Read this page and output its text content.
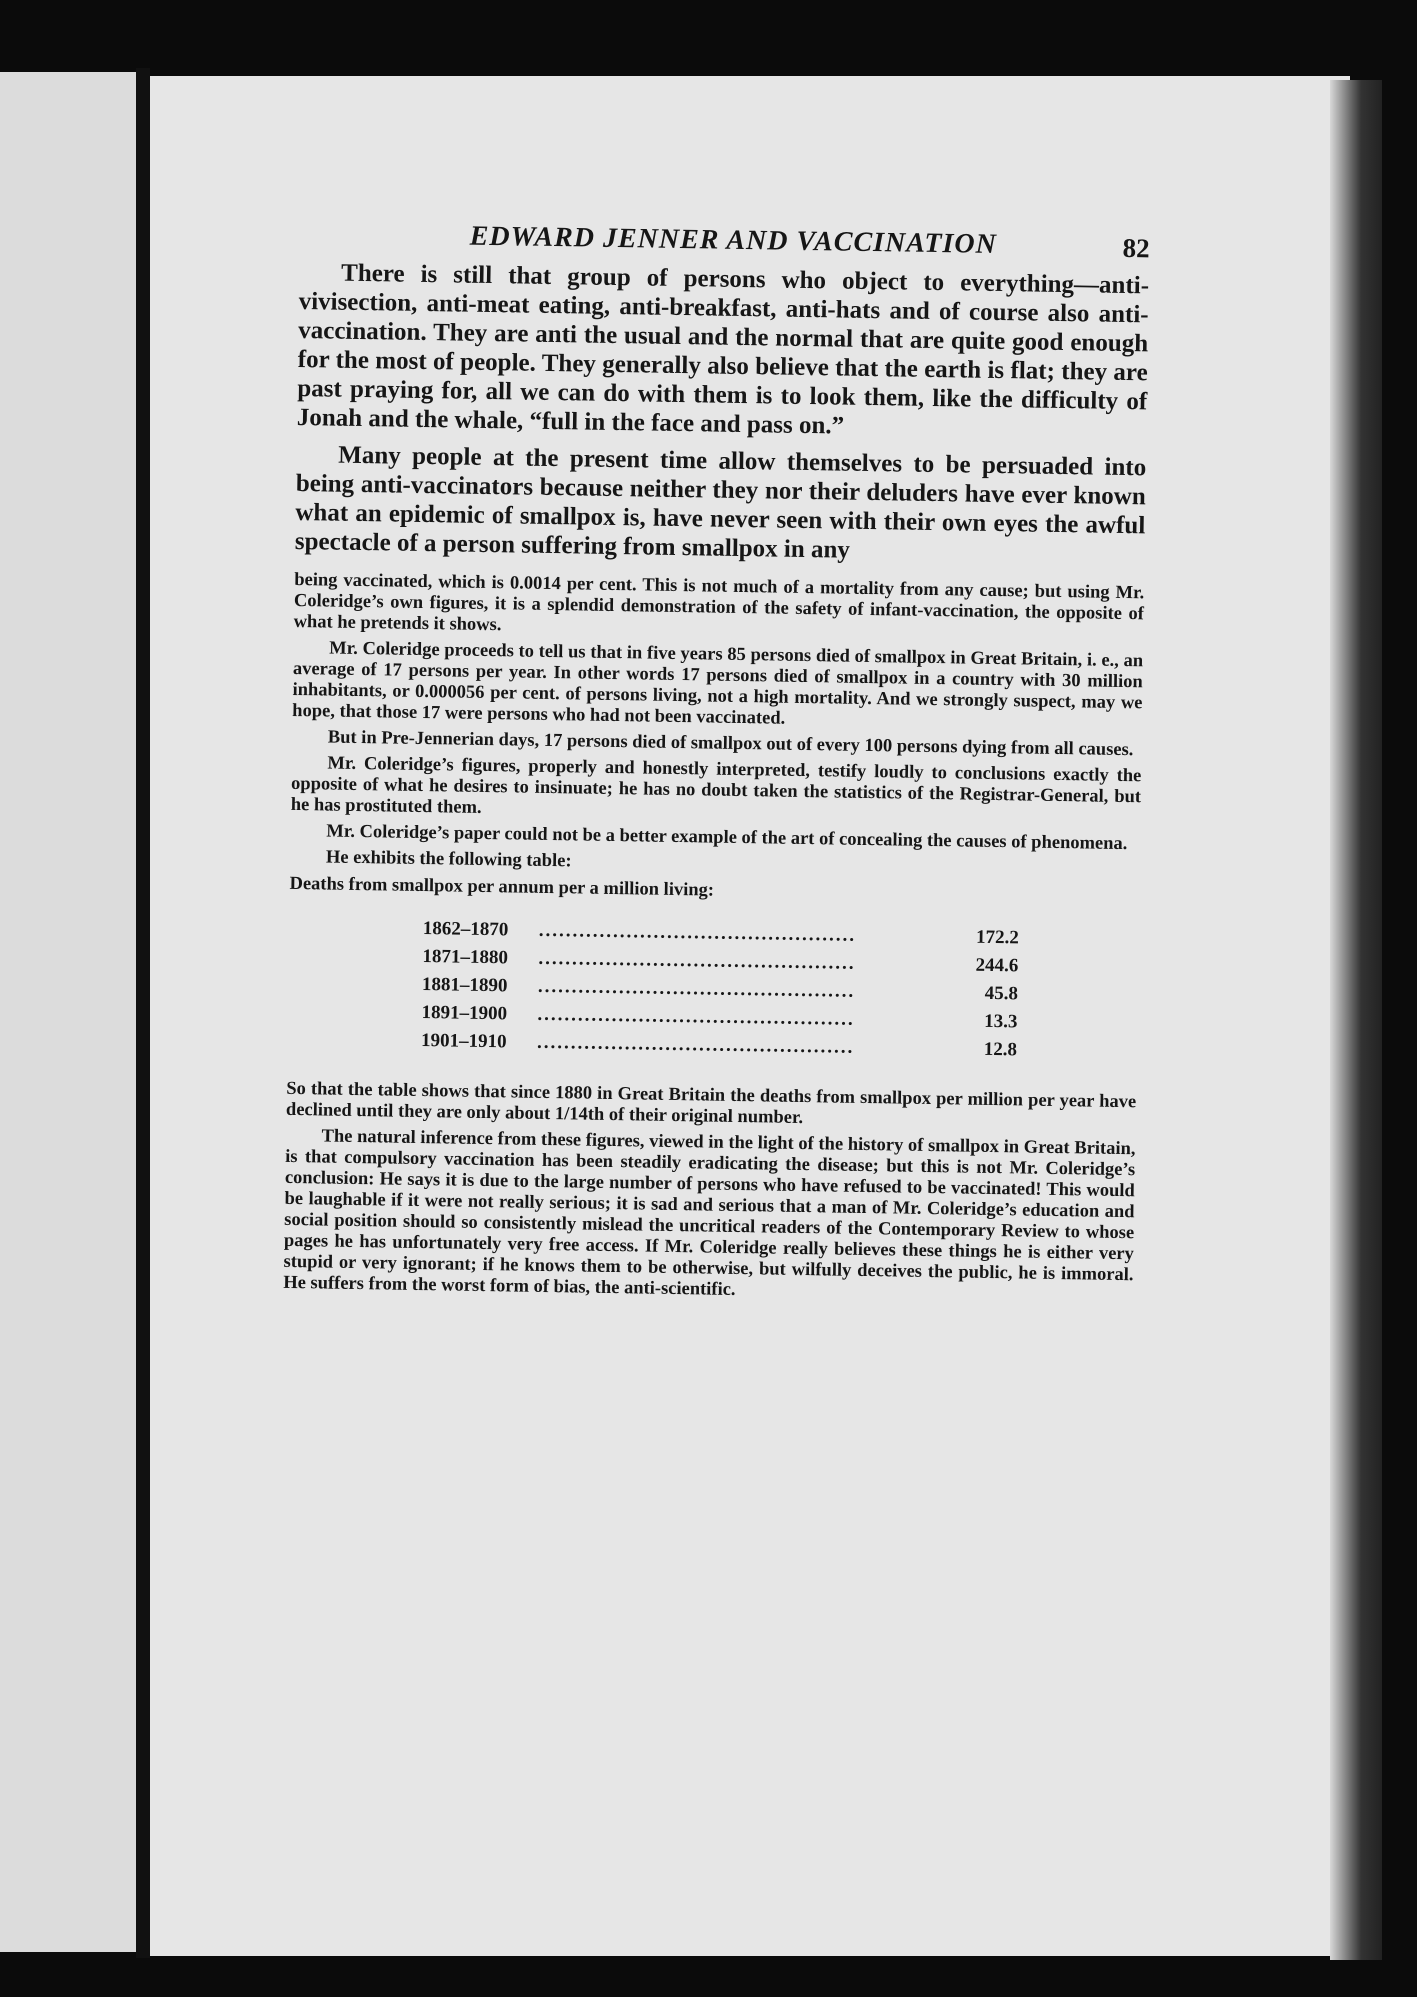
EDWARD JENNER AND VACCINATION	82

There is still that group of persons who object to everything—anti-vivisection, anti-meat eating, anti-breakfast, anti-hats and of course also anti-vaccination. They are anti the usual and the normal that are quite good enough for the most of people. They generally also believe that the earth is flat; they are past praying for, all we can do with them is to look them, like the difficulty of Jonah and the whale, “full in the face and pass on.”

Many people at the present time allow themselves to be persuaded into being anti-vaccinators because neither they nor their deluders have ever known what an epidemic of smallpox is, have never seen with their own eyes the awful spectacle of a person suffering from smallpox in any

being vaccinated, which is 0.0014 per cent. This is not much of a mortality from any cause; but using Mr. Coleridge’s own figures, it is a splendid demonstration of the safety of infant-vaccination, the opposite of what he pretends it shows.

Mr. Coleridge proceeds to tell us that in five years 85 persons died of smallpox in Great Britain, i. e., an average of 17 persons per year. In other words 17 persons died of smallpox in a country with 30 million inhabitants, or 0.000056 per cent. of persons living, not a high mortality. And we strongly suspect, may we hope, that those 17 were persons who had not been vaccinated.

But in Pre-Jennerian days, 17 persons died of smallpox out of every 100 persons dying from all causes.

Mr. Coleridge’s figures, properly and honestly interpreted, testify loudly to conclusions exactly the opposite of what he desires to insinuate; he has no doubt taken the statistics of the Registrar-General, but he has prostituted them.

Mr. Coleridge’s paper could not be a better example of the art of concealing the causes of phenomena.

He exhibits the following table:

Deaths from smallpox per annum per a million living:
1862–1870	...............................................	172.2
1871–1880	...............................................	244.6
1881–1890	...............................................	45.8
1891–1900	...............................................	13.3
1901–1910	...............................................	12.8

So that the table shows that since 1880 in Great Britain the deaths from smallpox per million per year have declined until they are only about 1/14th of their original number.

The natural inference from these figures, viewed in the light of the history of smallpox in Great Britain, is that compulsory vaccination has been steadily eradicating the disease; but this is not Mr. Coleridge’s conclusion: He says it is due to the large number of persons who have refused to be vaccinated! This would be laughable if it were not really serious; it is sad and serious that a man of Mr. Coleridge’s education and social position should so consistently mislead the uncritical readers of the Contemporary Review to whose pages he has unfortunately very free access. If Mr. Coleridge really believes these things he is either very stupid or very ignorant; if he knows them to be otherwise, but wilfully deceives the public, he is immoral. He suffers from the worst form of bias, the anti-scientific.
